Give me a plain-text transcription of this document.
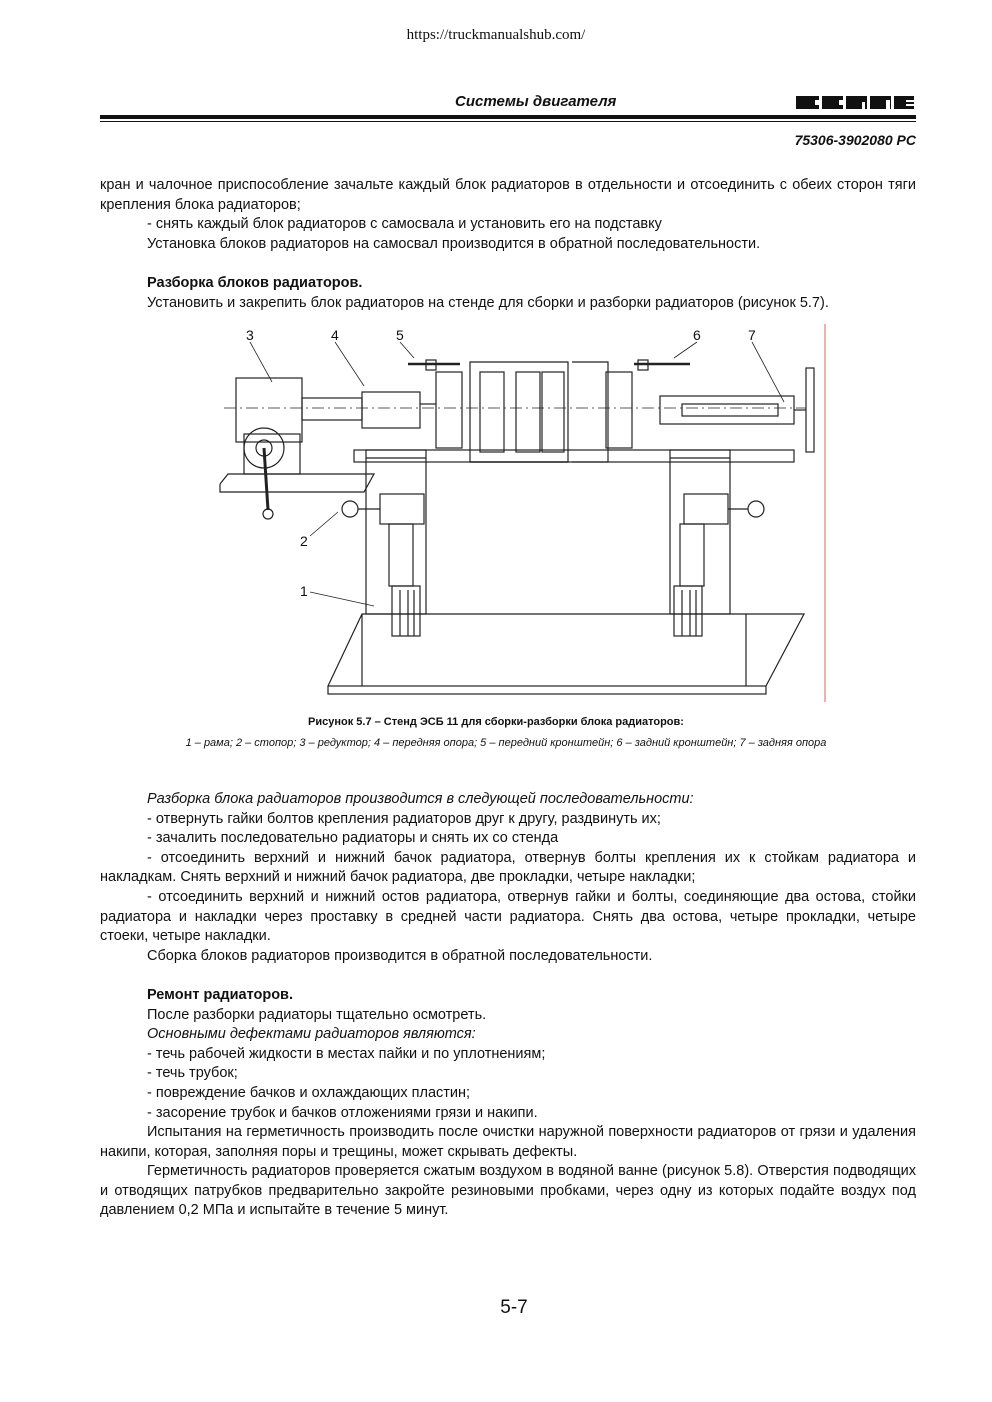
https://truckmanualshub.com/
Системы двигателя
75306-3902080 РС

кран и чалочное приспособление зачальте каждый блок радиаторов в отдельности и отсоединить с обеих сторон тяги крепления блока радиаторов;

- снять каждый блок радиаторов с самосвала и установить его на подставку

Установка блоков радиаторов на самосвал производится в обратной последовательности.

Разборка блоков радиаторов.

Установить и закрепить блок радиаторов на стенде для сборки и разборки радиаторов (рисунок 5.7).

3	4	5	6	7
2
1
Рисунок 5.7 – Стенд ЭСБ 11 для сборки-разборки блока радиаторов:
1 – рама; 2 – стопор; 3 – редуктор; 4 – передняя опора; 5 – передний кронштейн; 6 – задний кронштейн; 7 – задняя опора

Разборка блока радиаторов производится в следующей последовательности:

- отвернуть гайки болтов крепления радиаторов друг к другу, раздвинуть их;

- зачалить последовательно радиаторы и снять их со стенда

- отсоединить верхний и нижний бачок радиатора, отвернув болты крепления их к стойкам радиатора и накладкам. Снять верхний и нижний бачок радиатора, две прокладки, четыре накладки;

- отсоединить верхний и нижний остов радиатора, отвернув гайки и болты, соединяющие два остова, стойки радиатора и накладки через проставку в средней части радиатора. Снять два остова, четыре прокладки, четыре стоеки, четыре накладки.

Сборка блоков радиаторов производится в обратной последовательности.

Ремонт радиаторов.

После разборки радиаторы тщательно осмотреть.

Основными дефектами радиаторов являются:

- течь рабочей жидкости в местах пайки и по уплотнениям;

- течь трубок;

- повреждение бачков и охлаждающих пластин;

- засорение трубок и бачков отложениями грязи и накипи.

Испытания на герметичность производить после очистки наружной поверхности радиаторов от грязи и удаления накипи, которая, заполняя поры и трещины, может скрывать дефекты.

Герметичность радиаторов проверяется сжатым воздухом в водяной ванне (рисунок 5.8). Отверстия подводящих и отводящих патрубков предварительно закройте резиновыми пробками, через одну из которых подайте воздух под давлением 0,2 МПа и испытайте в течение 5 минут.

5-7
